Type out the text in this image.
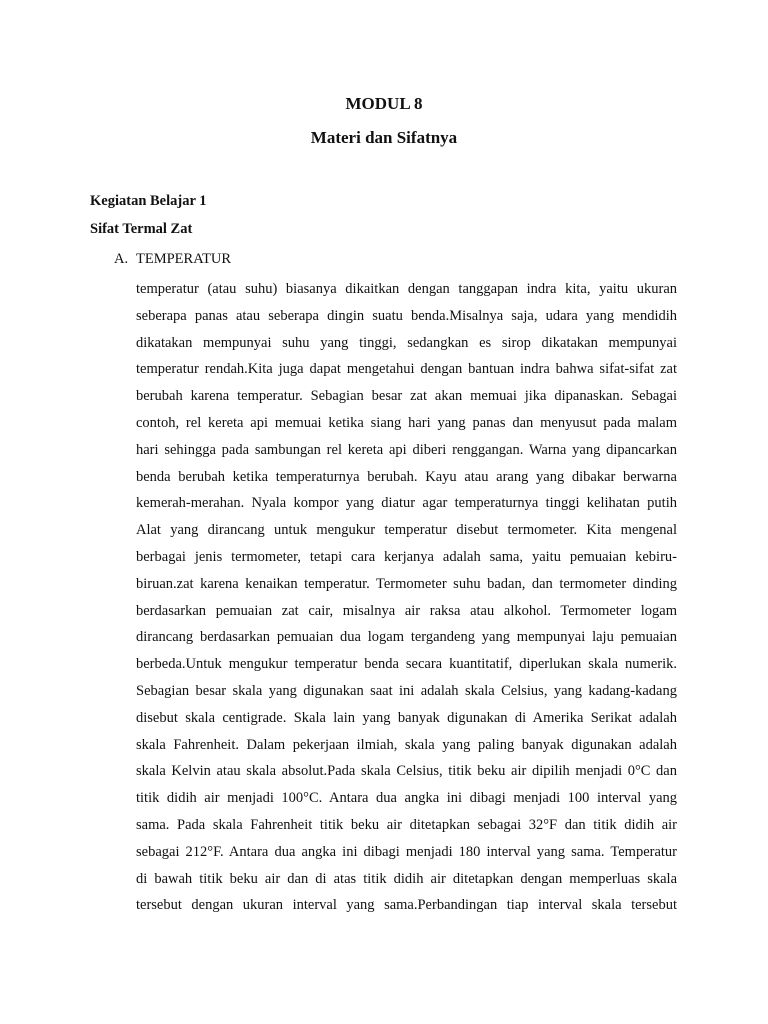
MODUL 8
Materi dan Sifatnya

Kegiatan Belajar 1

Sifat Termal Zat

A. TEMPERATUR

temperatur (atau suhu) biasanya dikaitkan dengan tanggapan indra kita, yaitu ukuran
seberapa panas atau seberapa dingin suatu benda.Misalnya saja, udara yang mendidih
dikatakan mempunyai suhu yang tinggi, sedangkan es sirop dikatakan mempunyai
temperatur rendah.Kita juga dapat mengetahui dengan bantuan indra bahwa sifat-sifat zat
berubah karena temperatur. Sebagian besar zat akan memuai jika dipanaskan. Sebagai
contoh, rel kereta api memuai ketika siang hari yang panas dan menyusut pada malam
hari sehingga pada sambungan rel kereta api diberi renggangan. Warna yang dipancarkan
benda berubah ketika temperaturnya berubah. Kayu atau arang yang dibakar berwarna
kemerah-merahan. Nyala kompor yang diatur agar temperaturnya tinggi kelihatan putih
Alat yang dirancang untuk mengukur temperatur disebut termometer. Kita mengenal
berbagai jenis termometer, tetapi cara kerjanya adalah sama, yaitu pemuaian kebiru-
biruan.zat karena kenaikan temperatur. Termometer suhu badan, dan termometer dinding
berdasarkan pemuaian zat cair, misalnya air raksa atau alkohol. Termometer logam
dirancang berdasarkan pemuaian dua logam tergandeng yang mempunyai laju pemuaian
berbeda.Untuk mengukur temperatur benda secara kuantitatif, diperlukan skala numerik.
Sebagian besar skala yang digunakan saat ini adalah skala Celsius, yang kadang-kadang
disebut skala centigrade. Skala lain yang banyak digunakan di Amerika Serikat adalah
skala Fahrenheit. Dalam pekerjaan ilmiah, skala yang paling banyak digunakan adalah
skala Kelvin atau skala absolut.Pada skala Celsius, titik beku air dipilih menjadi 0°C dan
titik didih air menjadi 100°C. Antara dua angka ini dibagi menjadi 100 interval yang
sama. Pada skala Fahrenheit titik beku air ditetapkan sebagai 32°F dan titik didih air
sebagai 212°F. Antara dua angka ini dibagi menjadi 180 interval yang sama. Temperatur
di bawah titik beku air dan di atas titik didih air ditetapkan dengan memperluas skala
tersebut dengan ukuran interval yang sama.Perbandingan tiap interval skala tersebut
